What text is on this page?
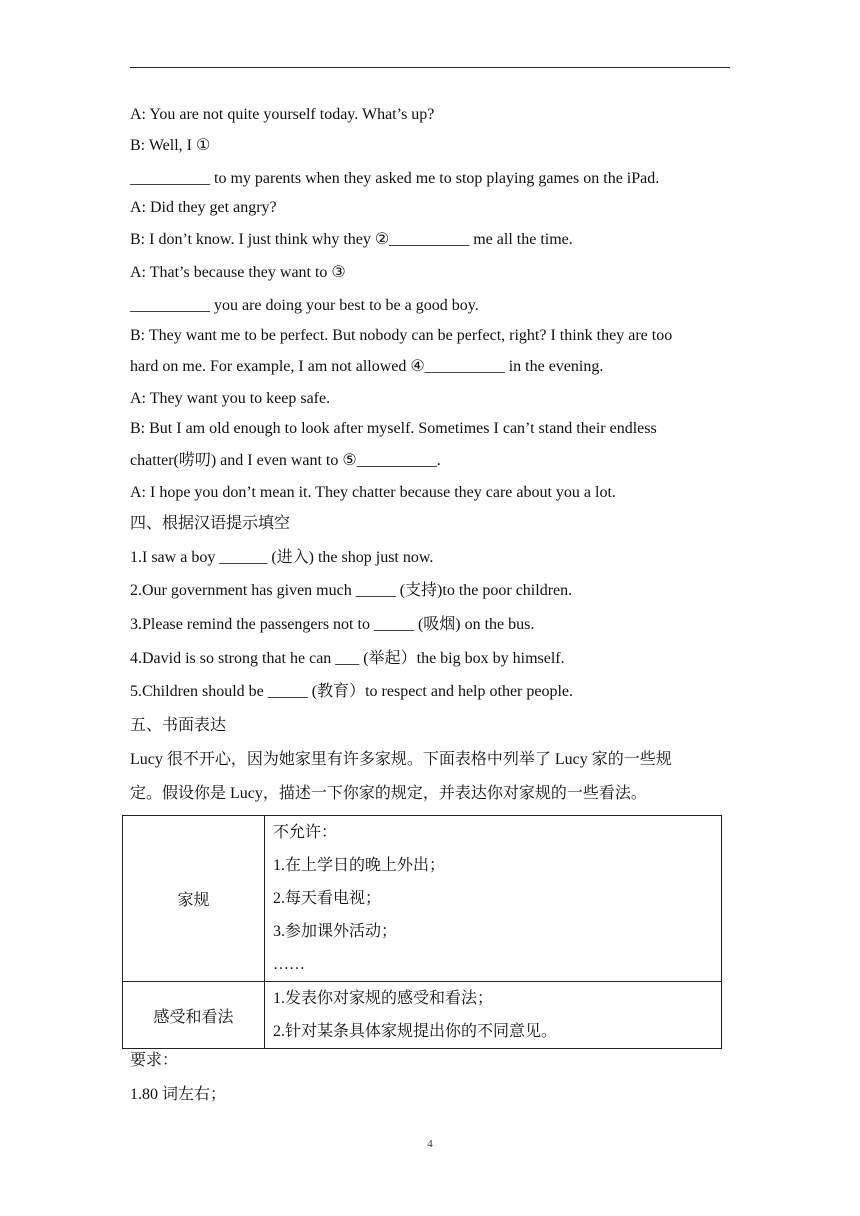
A: You are not quite yourself today. What’s up?
B: Well, I ①
__________ to my parents when they asked me to stop playing games on the iPad.
A: Did they get angry?
B: I don’t know. I just think why they ②__________ me all the time.
A: That’s because they want to ③
__________ you are doing your best to be a good boy.
B: They want me to be perfect. But nobody can be perfect, right? I think they are too
hard on me. For example, I am not allowed ④__________ in the evening.
A: They want you to keep safe.
B: But I am old enough to look after myself. Sometimes I can’t stand their endless
chatter(唠叨) and I even want to ⑤__________.
A: I hope you don’t mean it. They chatter because they care about you a lot.
四、根据汉语提示填空
1.I saw a boy ______ (进入) the shop just now.
2.Our government has given much _____ (支持)to the poor children.
3.Please remind the passengers not to _____ (吸烟) on the bus.
4.David is so strong that he can ___ (举起）the big box by himself.
5.Children should be _____ (教育）to respect and help other people.
五、书面表达
Lucy 很不开心，因为她家里有许多家规。下面表格中列举了 Lucy 家的一些规
定。假设你是 Lucy，描述一下你家的规定，并表达你对家规的一些看法。
家规	不允许：
1.在上学日的晚上外出；
2.每天看电视；
3.参加课外活动；
……

感受和看法	1.发表你对家规的感受和看法；
2.针对某条具体家规提出你的不同意见。
要求：
1.80 词左右；
4
